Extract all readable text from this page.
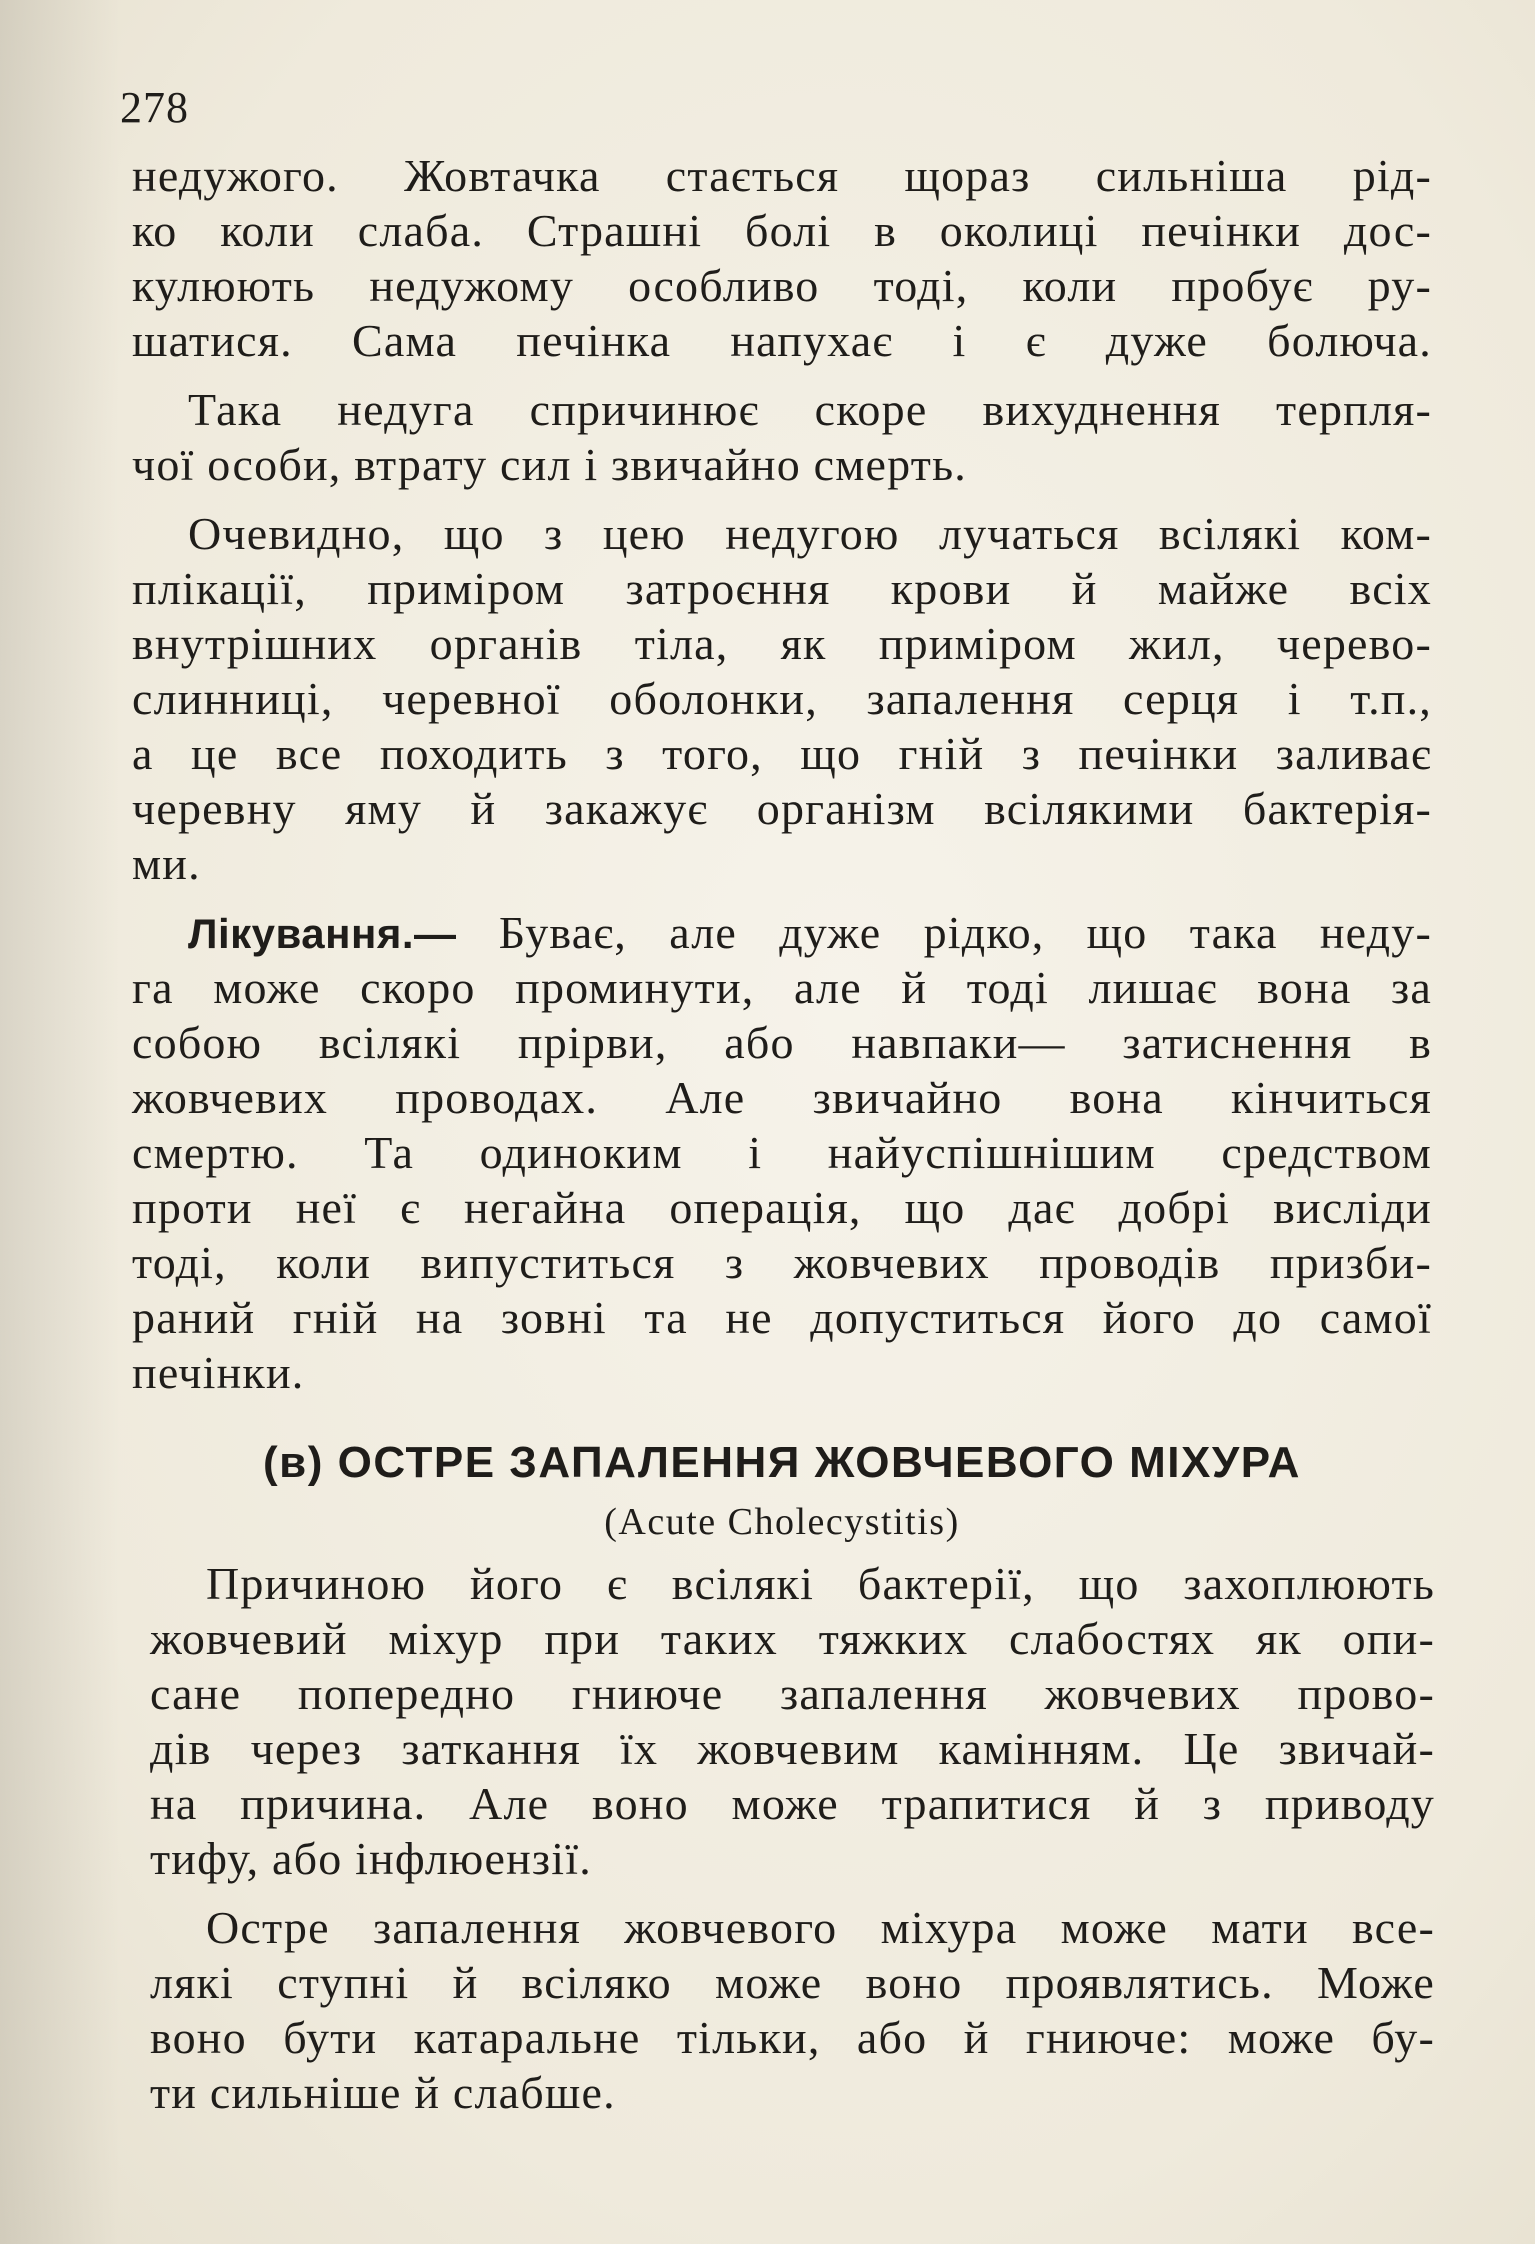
278
недужого. Жовтачка стається щораз сильніша рід-
ко коли слаба. Страшні болі в околиці печінки дос-
кулюють недужому особливо тоді, коли пробує ру-
шатися. Сама печінка напухає і є дуже болюча.
Така недуга спричинює скоре вихуднення терпля-
чої особи, втрату сил і звичайно смерть.
Очевидно, що з цею недугою лучаться всілякі ком-
плікації, приміром затроєння крови й майже всіх
внутрішних органів тіла, як приміром жил, черево-
слинниці, черевної оболонки, запалення серця і т.п.,
а це все походить з того, що гній з печінки заливає
черевну яму й закажує організм всілякими бактерія-
ми.
Лікування.— Буває, але дуже рідко, що така неду-
га може скоро проминути, але й тоді лишає вона за
собою всілякі прірви, або навпаки— затиснення в
жовчевих проводах. Але звичайно вона кінчиться
смертю. Та одиноким і найуспішнішим средством
проти неї є негайна операція, що дає добрі висліди
тоді, коли випуститься з жовчевих проводів призби-
раний гній на зовні та не допуститься його до самої
печінки.
(в) ОСТРЕ ЗАПАЛЕННЯ ЖОВЧЕВОГО МІХУРА
(Acute Cholecystitis)
Причиною його є всілякі бактерії, що захоплюють
жовчевий міхур при таких тяжких слабостях як опи-
сане попередно гниюче запалення жовчевих прово-
дів через заткання їх жовчевим камінням. Це звичай-
на причина. Але воно може трапитися й з приводу
тифу, або інфлюензії.
Остре запалення жовчевого міхура може мати все-
лякі ступні й всіляко може воно проявлятись. Може
воно бути катаральне тільки, або й гниюче: може бу-
ти сильніше й слабше.
